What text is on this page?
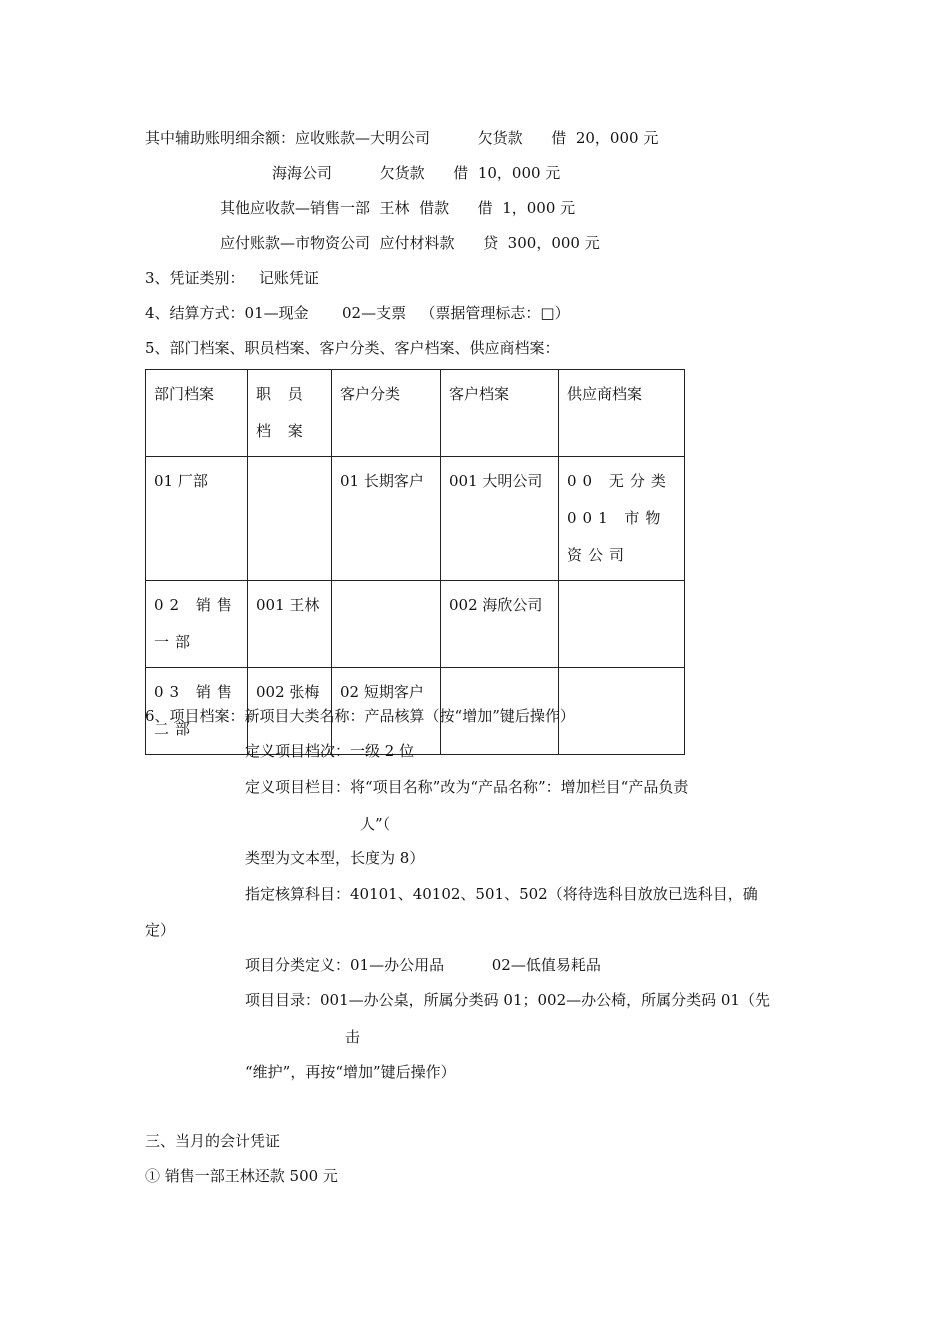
其中辅助账明细余额：应收账款—大明公司          欠货款      借  20，000 元
海海公司          欠货款      借  10，000 元
其他应收款—销售一部  王林  借款      借  1，000 元
应付账款—市物资公司  应付材料款      贷  300，000 元
3、凭证类别：   记账凭证
4、结算方式：01—现金       02—支票   （票据管理标志：□）
5、部门档案、职员档案、客户分类、客户档案、供应商档案：
部门档案	职 员 档 案	客户分类	客户档案	供应商档案
01 厂部		01 长期客户	001 大明公司	00 无分类
001 市物资公司
02 销售一部	001 王林		002 海欣公司	
03 销售二部	002 张梅	02 短期客户		
6、项目档案：新项目大类名称：产品核算（按“增加”键后操作）
定义项目档次：一级 2 位
定义项目栏目：将“项目名称”改为“产品名称”：增加栏目“产品负责
人”（
类型为文本型，长度为 8）
指定核算科目：40101、40102、501、502（将待选科目放放已选科目，确
定）
项目分类定义：01—办公用品          02—低值易耗品
项目目录：001—办公桌，所属分类码 01；002—办公椅，所属分类码 01（先
击
“维护”，再按“增加”键后操作）
三、当月的会计凭证
① 销售一部王林还款 500 元
